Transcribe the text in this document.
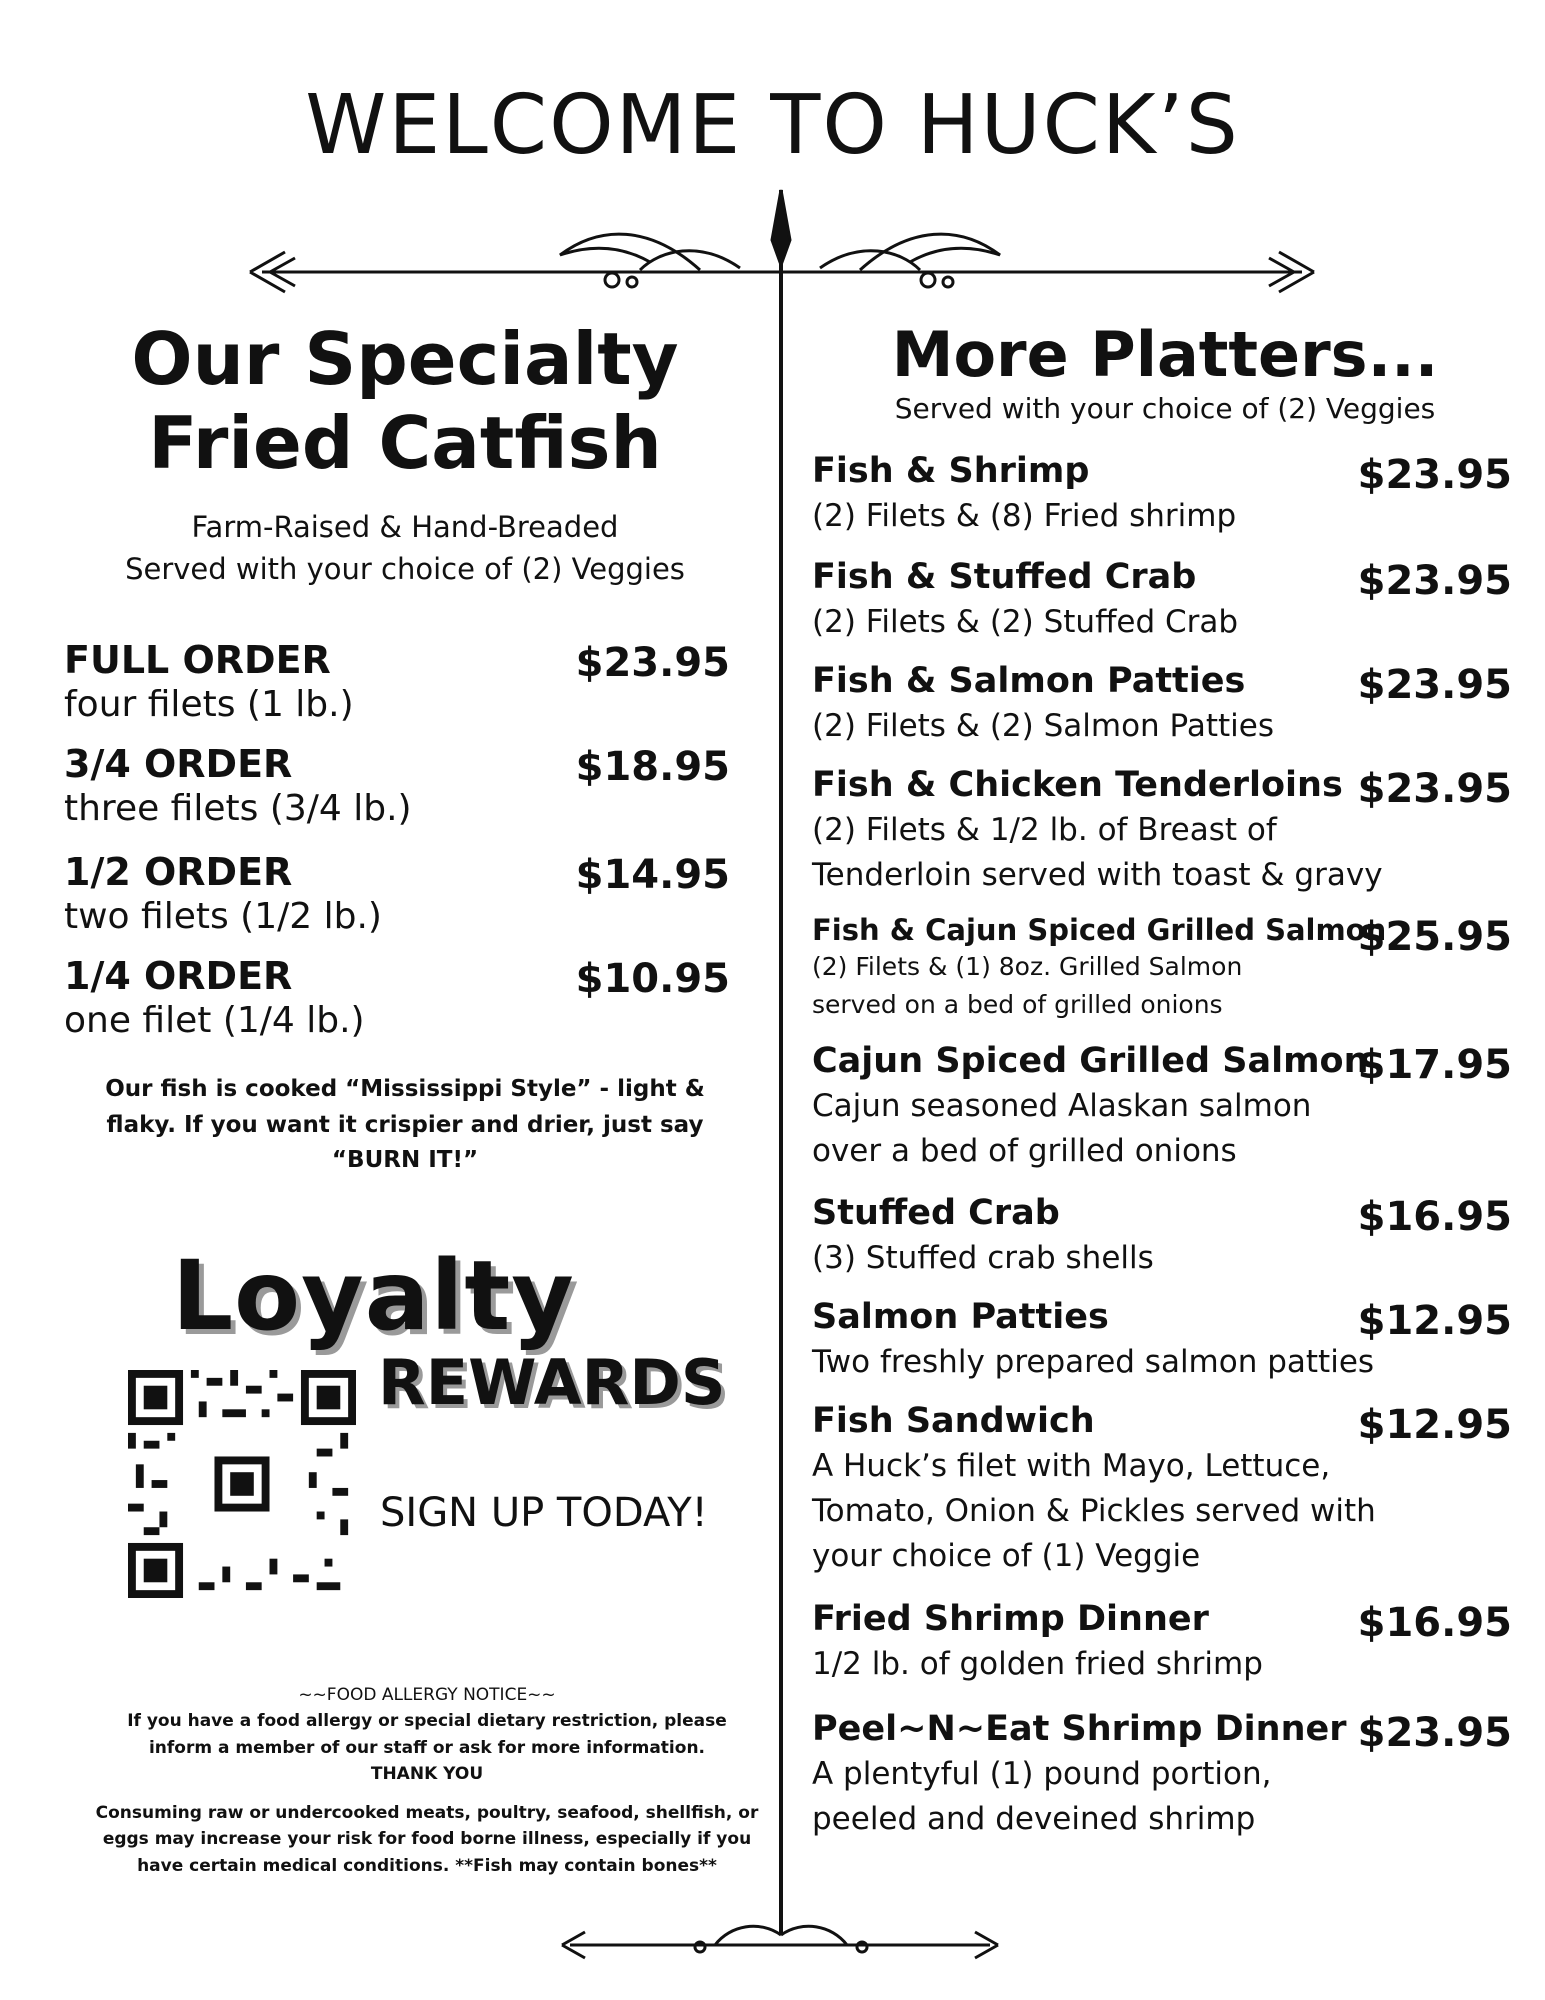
WELCOME TO HUCK’S
Our Specialty
Fried Catfish
Farm-Raised & Hand-Breaded
Served with your choice of (2) Veggies
FULL ORDER
four filets (1 lb.)
$23.95
3/4 ORDER
three filets (3/4 lb.)
$18.95
1/2 ORDER
two filets (1/2 lb.)
$14.95
1/4 ORDER
one filet (1/4 lb.)
$10.95
Our fish is cooked “Mississippi Style” - light &
flaky. If you want it crispier and drier, just say
“BURN IT!”
Loyalty
REWARDS
SIGN UP TODAY!
~~FOOD ALLERGY NOTICE~~
If you have a food allergy or special dietary restriction, please
inform a member of our staff or ask for more information.
THANK YOU
Consuming raw or undercooked meats, poultry, seafood, shellfish, or
eggs may increase your risk for food borne illness, especially if you
have certain medical conditions. **Fish may contain bones**
More Platters...
Served with your choice of (2) Veggies
Fish & Shrimp
(2) Filets & (8) Fried shrimp
$23.95
Fish & Stuffed Crab
(2) Filets & (2) Stuffed Crab
$23.95
Fish & Salmon Patties
(2) Filets & (2) Salmon Patties
$23.95
Fish & Chicken Tenderloins
(2) Filets & 1/2 lb. of Breast of
Tenderloin served with toast & gravy
$23.95
Fish & Cajun Spiced Grilled Salmon
(2) Filets & (1) 8oz. Grilled Salmon
served on a bed of grilled onions
$25.95
Cajun Spiced Grilled Salmon
Cajun seasoned Alaskan salmon
over a bed of grilled onions
$17.95
Stuffed Crab
(3) Stuffed crab shells
$16.95
Salmon Patties
Two freshly prepared salmon patties
$12.95
Fish Sandwich
A Huck’s filet with Mayo, Lettuce,
Tomato, Onion & Pickles served with
your choice of (1) Veggie
$12.95
Fried Shrimp Dinner
1/2 lb. of golden fried shrimp
$16.95
Peel~N~Eat Shrimp Dinner
A plentyful (1) pound portion,
peeled and deveined shrimp
$23.95
